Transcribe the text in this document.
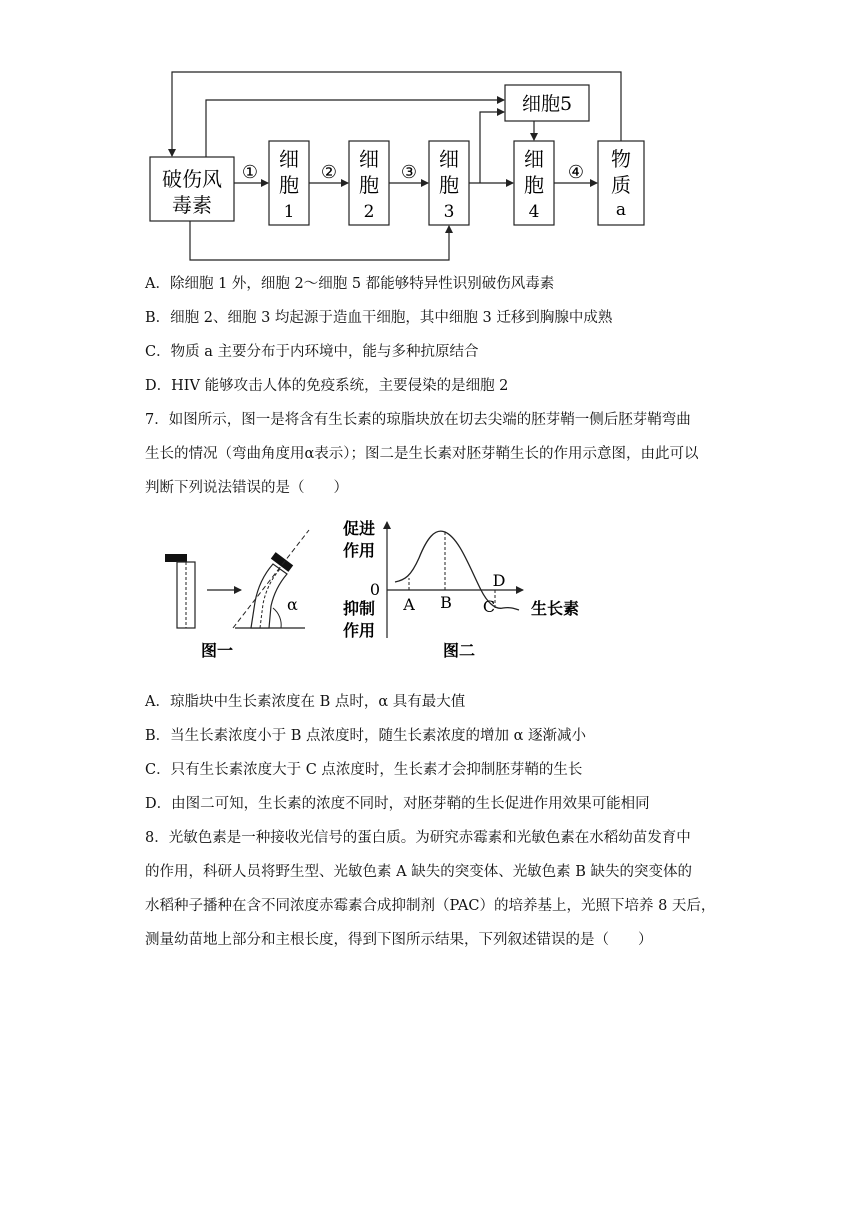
破伤风
毒素
细
胞
1
细
胞
2
细
胞
3
细胞5
细
胞
4
物
质
a
①	②	③	④
A．除细胞 1 外，细胞 2～细胞 5 都能够特异性识别破伤风毒素
B．细胞 2、细胞 3 均起源于造血干细胞，其中细胞 3 迁移到胸腺中成熟
C．物质 a 主要分布于内环境中，能与多种抗原结合
D．HIV 能够攻击人体的免疫系统，主要侵染的是细胞 2
7．如图所示，图一是将含有生长素的琼脂块放在切去尖端的胚芽鞘一侧后胚芽鞘弯曲
生长的情况（弯曲角度用α表示）；图二是生长素对胚芽鞘生长的作用示意图，由此可以
判断下列说法错误的是（　　）
α
图一
促进
作用
0
抑制
作用
生长素
A B C
D
图二
A．琼脂块中生长素浓度在 B 点时，α 具有最大值
B．当生长素浓度小于 B 点浓度时，随生长素浓度的增加 α 逐渐减小
C．只有生长素浓度大于 C 点浓度时，生长素才会抑制胚芽鞘的生长
D．由图二可知，生长素的浓度不同时，对胚芽鞘的生长促进作用效果可能相同
8．光敏色素是一种接收光信号的蛋白质。为研究赤霉素和光敏色素在水稻幼苗发育中
的作用，科研人员将野生型、光敏色素 A 缺失的突变体、光敏色素 B 缺失的突变体的
水稻种子播种在含不同浓度赤霉素合成抑制剂（PAC）的培养基上，光照下培养 8 天后，
测量幼苗地上部分和主根长度，得到下图所示结果，下列叙述错误的是（　　）
